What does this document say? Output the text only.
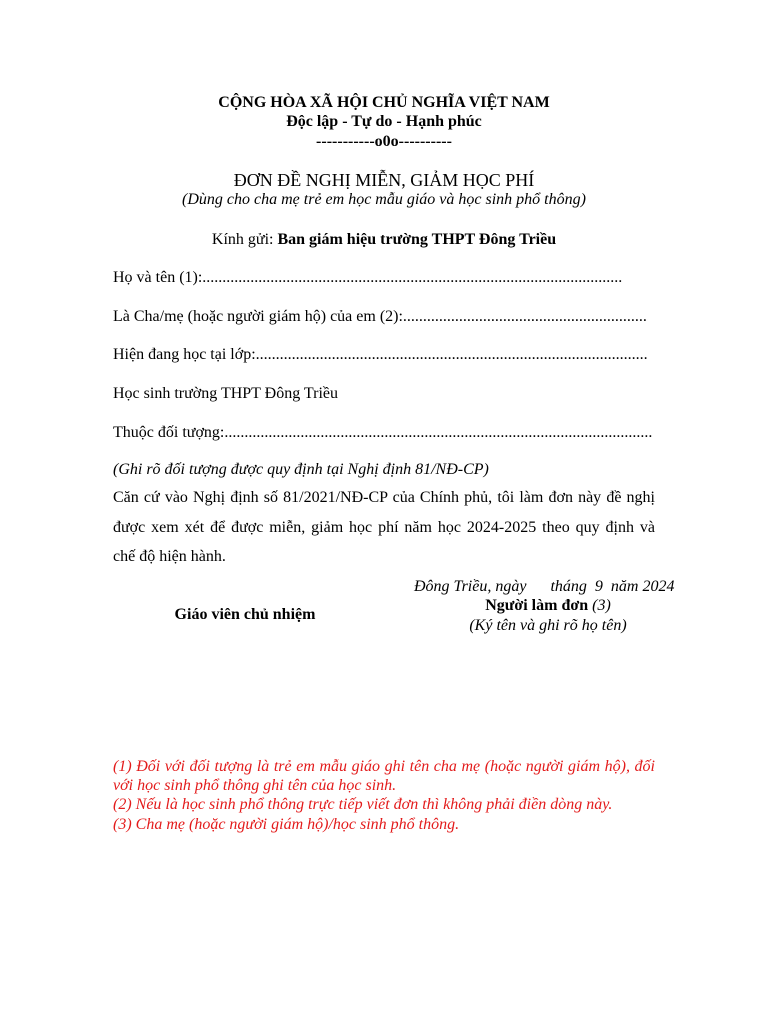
CỘNG HÒA XÃ HỘI CHỦ NGHĨA VIỆT NAM
Độc lập - Tự do - Hạnh phúc
-----------o0o----------
ĐƠN ĐỀ NGHỊ MIỄN, GIẢM HỌC PHÍ
(Dùng cho cha mẹ trẻ em học mẫu giáo và học sinh phổ thông)
Kính gửi: Ban giám hiệu trường THPT Đông Triều
Họ và tên (1):.........................................................................................................
Là Cha/mẹ (hoặc người giám hộ) của em (2):.............................................................
Hiện đang học tại lớp:..................................................................................................
Học sinh trường THPT Đông Triều
Thuộc đối tượng:...........................................................................................................
(Ghi rõ đối tượng được quy định tại Nghị định 81/NĐ-CP)
Căn cứ vào Nghị định số 81/2021/NĐ-CP của Chính phủ, tôi làm đơn này đề nghị
được xem xét để được miễn, giảm học phí năm học 2024-2025 theo quy định và
chế độ hiện hành.
Đông Triều, ngày      tháng  9  năm 2024
Người làm đơn (3)
(Ký tên và ghi rõ họ tên)
Giáo viên chủ nhiệm
(1) Đối với đối tượng là trẻ em mẫu giáo ghi tên cha mẹ (hoặc người giám hộ), đối
với học sinh phổ thông ghi tên của học sinh.
(2) Nếu là học sinh phổ thông trực tiếp viết đơn thì không phải điền dòng này.
(3) Cha mẹ (hoặc người giám hộ)/học sinh phổ thông.
